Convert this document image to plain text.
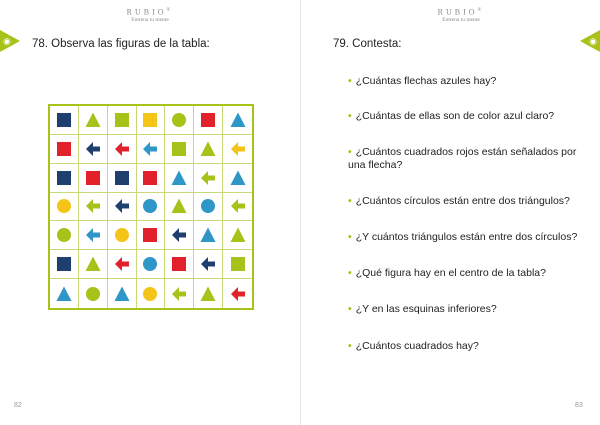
RUBIO®
Entrena tu mente
◉ 78. Observa las figuras de la tabla:
82
RUBIO®
Entrena tu mente
◉
79. Contesta:
• ¿Cuántas flechas azules hay?
• ¿Cuántas de ellas son de color azul claro?
• ¿Cuántos cuadrados rojos están señalados por una flecha?
• ¿Cuántos círculos están entre dos triángulos?
• ¿Y cuántos triángulos están entre dos círculos?
• ¿Qué figura hay en el centro de la tabla?
• ¿Y en las esquinas inferiores?
• ¿Cuántos cuadrados hay?
83
